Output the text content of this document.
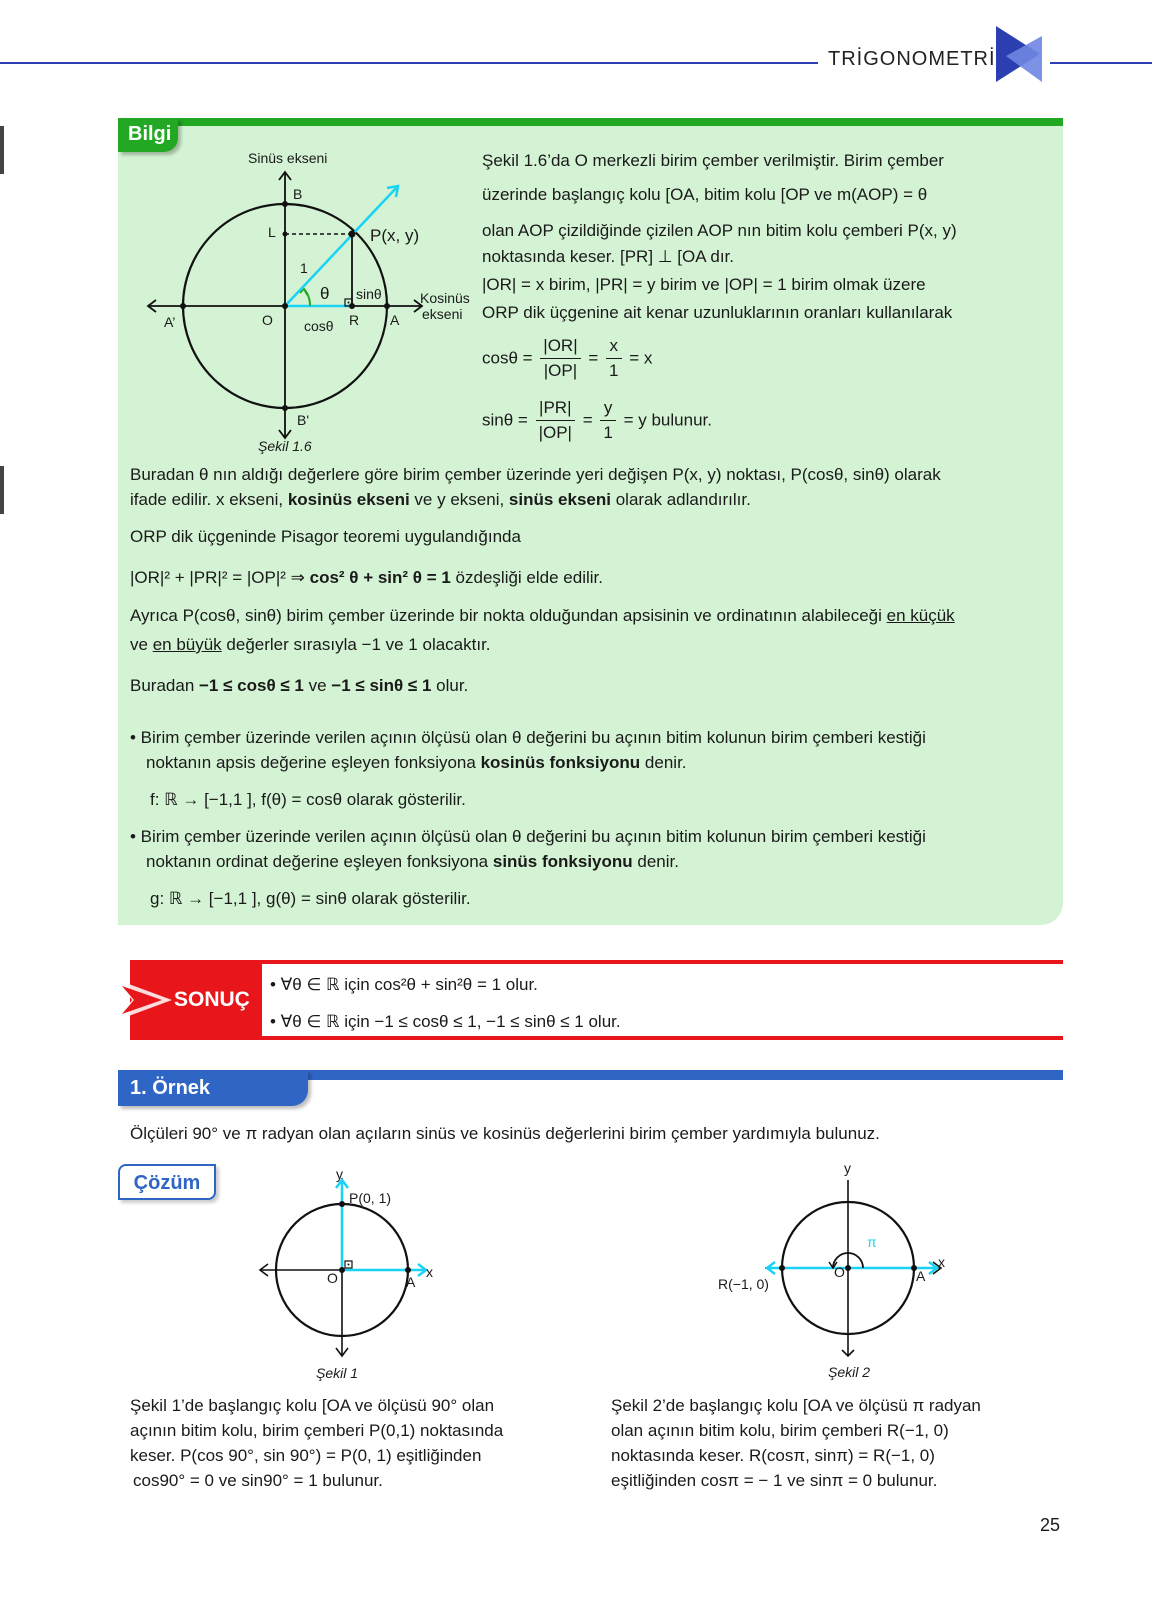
TRİGONOMETRİ
Bilgi
Sinüs ekseni
B
L	P(x, y)
1
θ sinθ	Kosinüs
ekseni
A’	O cosθ R A
B'
Şekil 1.6
Şekil 1.6’da O merkezli birim çember verilmiştir. Birim çember
üzerinde başlangıç kolu [OA, bitim kolu [OP ve m(AOP) = θ
olan AOP çizildiğinde çizilen AOP nın bitim kolu çemberi P(x, y)
noktasında keser. [PR] ⊥ [OA dır.
|OR| = x birim, |PR| = y birim ve |OP| = 1 birim olmak üzere
ORP dik üçgenine ait kenar uzunluklarının oranları kullanılarak
$\cos\theta = \frac{|OR|}{|OP|} = \frac{x}{1} = x$
$\sin\theta = \frac{|PR|}{|OP|} = \frac{y}{1} = y$ bulunur.
Buradan θ nın aldığı değerlere göre birim çember üzerinde yeri değişen P(x, y) noktası, P(cosθ, sinθ) olarak
ifade edilir. x ekseni, kosinüs ekseni ve y ekseni, sinüs ekseni olarak adlandırılır.
ORP dik üçgeninde Pisagor teoremi uygulandığında
|OR|² + |PR|² = |OP|² ⇒ cos² θ + sin² θ = 1 özdeşliği elde edilir.
Ayrıca P(cosθ, sinθ) birim çember üzerinde bir nokta olduğundan apsisinin ve ordinatının alabileceği en küçük
ve en büyük değerler sırasıyla −1 ve 1 olacaktır.
Buradan −1 ≤ cosθ ≤ 1 ve −1 ≤ sinθ ≤ 1 olur.
• Birim çember üzerinde verilen açının ölçüsü olan θ değerini bu açının bitim kolunun birim çemberi kestiği
noktanın apsis değerine eşleyen fonksiyona kosinüs fonksiyonu denir.
f: ℝ → [−1,1 ], f(θ) = cosθ olarak gösterilir.
• Birim çember üzerinde verilen açının ölçüsü olan θ değerini bu açının bitim kolunun birim çemberi kestiği
noktanın ordinat değerine eşleyen fonksiyona sinüs fonksiyonu denir.
g: ℝ → [−1,1 ], g(θ) = sinθ olarak gösterilir.
SONUÇ
• ∀θ ∈ ℝ için cos²θ + sin²θ = 1 olur.
• ∀θ ∈ ℝ için −1 ≤ cosθ ≤ 1, −1 ≤ sinθ ≤ 1 olur.
1. Örnek
Ölçüleri 90° ve π radyan olan açıların sinüs ve kosinüs değerlerini birim çember yardımıyla bulunuz.
Çözüm	y
P(0, 1)
x
O	A
Şekil 1
y
π
x
O	A
R(−1, 0)
Şekil 2
Şekil 1’de başlangıç kolu [OA ve ölçüsü 90° olan
açının bitim kolu, birim çemberi P(0,1) noktasında
keser. P(cos 90°, sin 90°) = P(0, 1) eşitliğinden
cos90° = 0 ve sin90° = 1 bulunur.
Şekil 2’de başlangıç kolu [OA ve ölçüsü π radyan
olan açının bitim kolu, birim çemberi R(−1, 0)
noktasında keser. R(cosπ, sinπ) = R(−1, 0)
eşitliğinden cosπ = − 1 ve sinπ = 0 bulunur.
25
